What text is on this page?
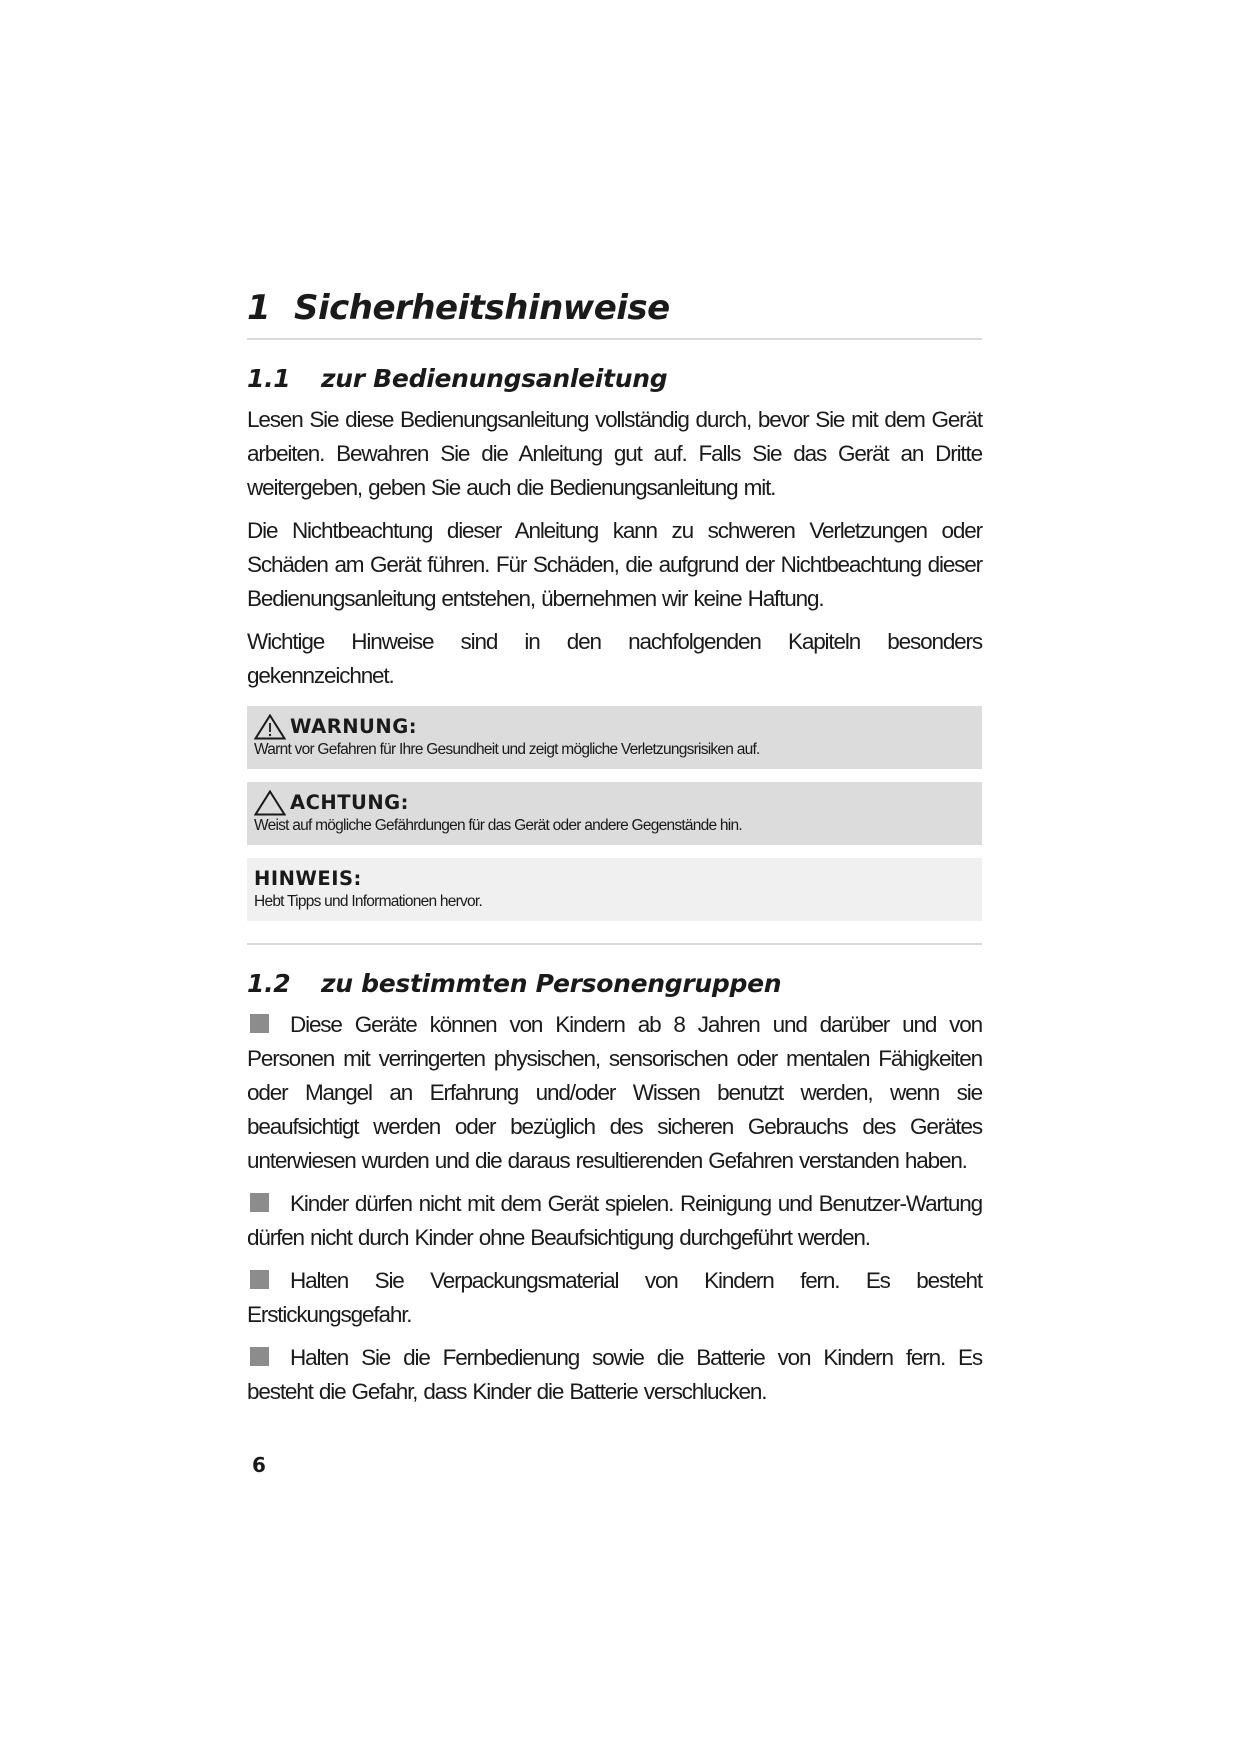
1 Sicherheitshinweise
1.1	zur Bedienungsanleitung

Lesen Sie diese Bedienungsanleitung vollständig durch, bevor Sie mit dem Gerät arbeiten. Bewahren Sie die Anleitung gut auf. Falls Sie das Gerät an Dritte weitergeben, geben Sie auch die Bedienungsanleitung mit.

Die Nichtbeachtung dieser Anleitung kann zu schweren Verletzungen oder Schäden am Gerät führen. Für Schäden, die aufgrund der Nichtbeachtung dieser Bedienungsanleitung entstehen, übernehmen wir keine Haftung.

Wichtige Hinweise sind in den nachfolgenden Kapiteln besonders gekennzeichnet.

WARNUNG:
Warnt vor Gefahren für Ihre Gesundheit und zeigt mögliche Verletzungsrisiken auf.
ACHTUNG:
Weist auf mögliche Gefährdungen für das Gerät oder andere Gegenstände hin.
HINWEIS:
Hebt Tipps und Informationen hervor.
1.2	zu bestimmten Personengruppen

Diese Geräte können von Kindern ab 8 Jahren und darüber und von Personen mit verringerten physischen, sensorischen oder mentalen Fähigkeiten oder Mangel an Erfahrung und/oder Wissen benutzt werden, wenn sie beaufsichtigt werden oder bezüglich des sicheren Gebrauchs des Gerätes unterwiesen wurden und die daraus resultierenden Gefahren verstanden haben.

Kinder dürfen nicht mit dem Gerät spielen. Reinigung und Benutzer-Wartung dürfen nicht durch Kinder ohne Beaufsichtigung durchgeführt werden.

Halten Sie Verpackungsmaterial von Kindern fern. Es besteht Erstickungsgefahr.

Halten Sie die Fernbedienung sowie die Batterie von Kindern fern. Es besteht die Gefahr, dass Kinder die Batterie verschlucken.

6
